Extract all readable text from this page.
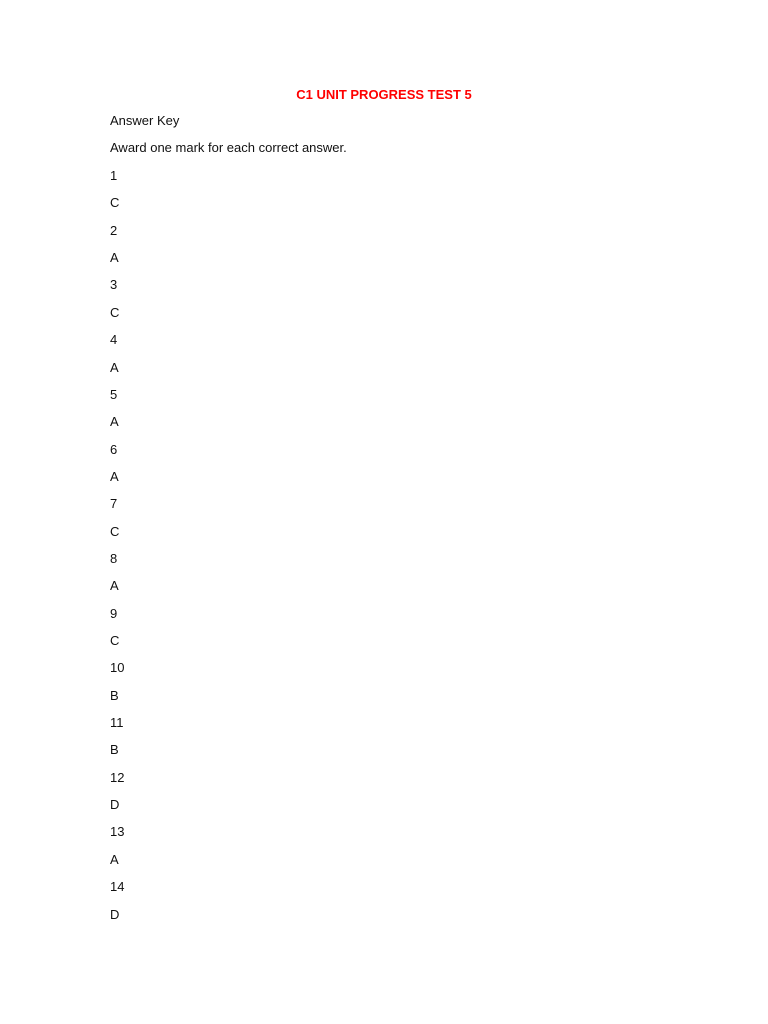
C1 UNIT PROGRESS TEST 5
Answer Key
Award one mark for each correct answer.
1
C
2
A
3
C
4
A
5
A
6
A
7
C
8
A
9
C
10
B
11
B
12
D
13
A
14
D
